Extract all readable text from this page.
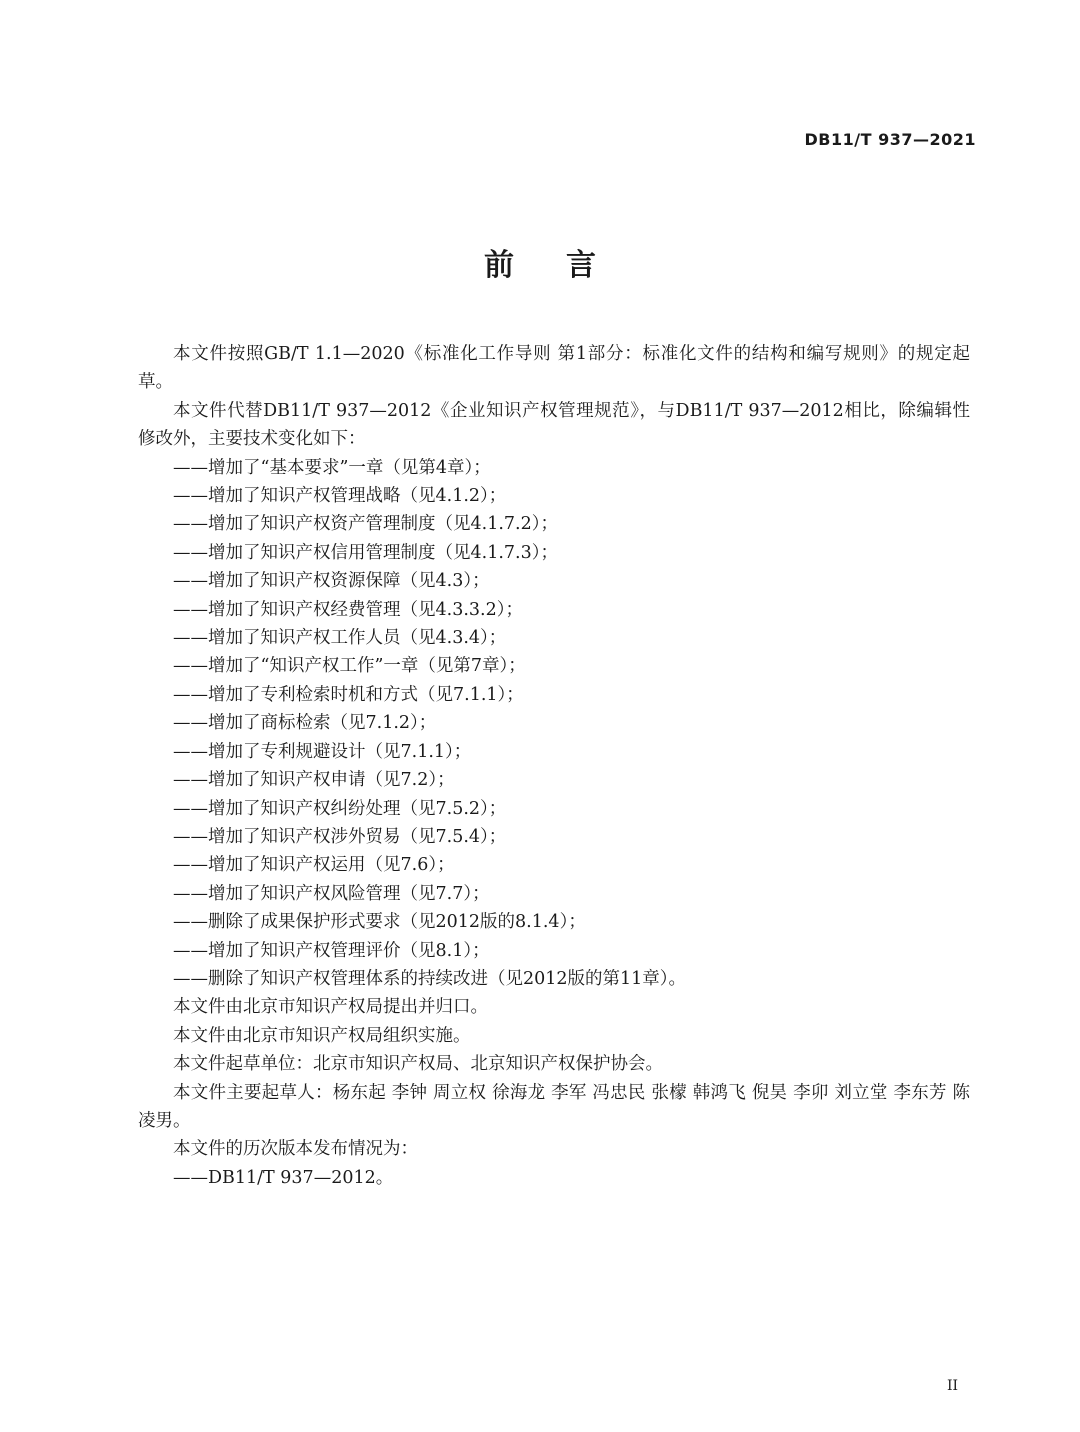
DB11/T 937—2021
前言

本文件按照GB/T 1.1—2020《标准化工作导则 第1部分：标准化文件的结构和编写规则》的规定起草。

本文件代替DB11/T 937—2012《企业知识产权管理规范》，与DB11/T 937—2012相比，除编辑性修改外，主要技术变化如下：

——增加了“基本要求”一章（见第4章）；

——增加了知识产权管理战略（见4.1.2）；

——增加了知识产权资产管理制度（见4.1.7.2）；

——增加了知识产权信用管理制度（见4.1.7.3）；

——增加了知识产权资源保障（见4.3）；

——增加了知识产权经费管理（见4.3.3.2）；

——增加了知识产权工作人员（见4.3.4）；

——增加了“知识产权工作”一章（见第7章）；

——增加了专利检索时机和方式（见7.1.1）；

——增加了商标检索（见7.1.2）；

——增加了专利规避设计（见7.1.1）；

——增加了知识产权申请（见7.2）；

——增加了知识产权纠纷处理（见7.5.2）；

——增加了知识产权涉外贸易（见7.5.4）；

——增加了知识产权运用（见7.6）；

——增加了知识产权风险管理（见7.7）；

——删除了成果保护形式要求（见2012版的8.1.4）；

——增加了知识产权管理评价（见8.1）；

——删除了知识产权管理体系的持续改进（见2012版的第11章）。

本文件由北京市知识产权局提出并归口。

本文件由北京市知识产权局组织实施。

本文件起草单位：北京市知识产权局、北京知识产权保护协会。

本文件主要起草人：杨东起 李钟 周立权 徐海龙 李军 冯忠民 张檬 韩鸿飞 倪昊 李卯 刘立堂 李东芳 陈凌男。

本文件的历次版本发布情况为：

——DB11/T 937—2012。

II
